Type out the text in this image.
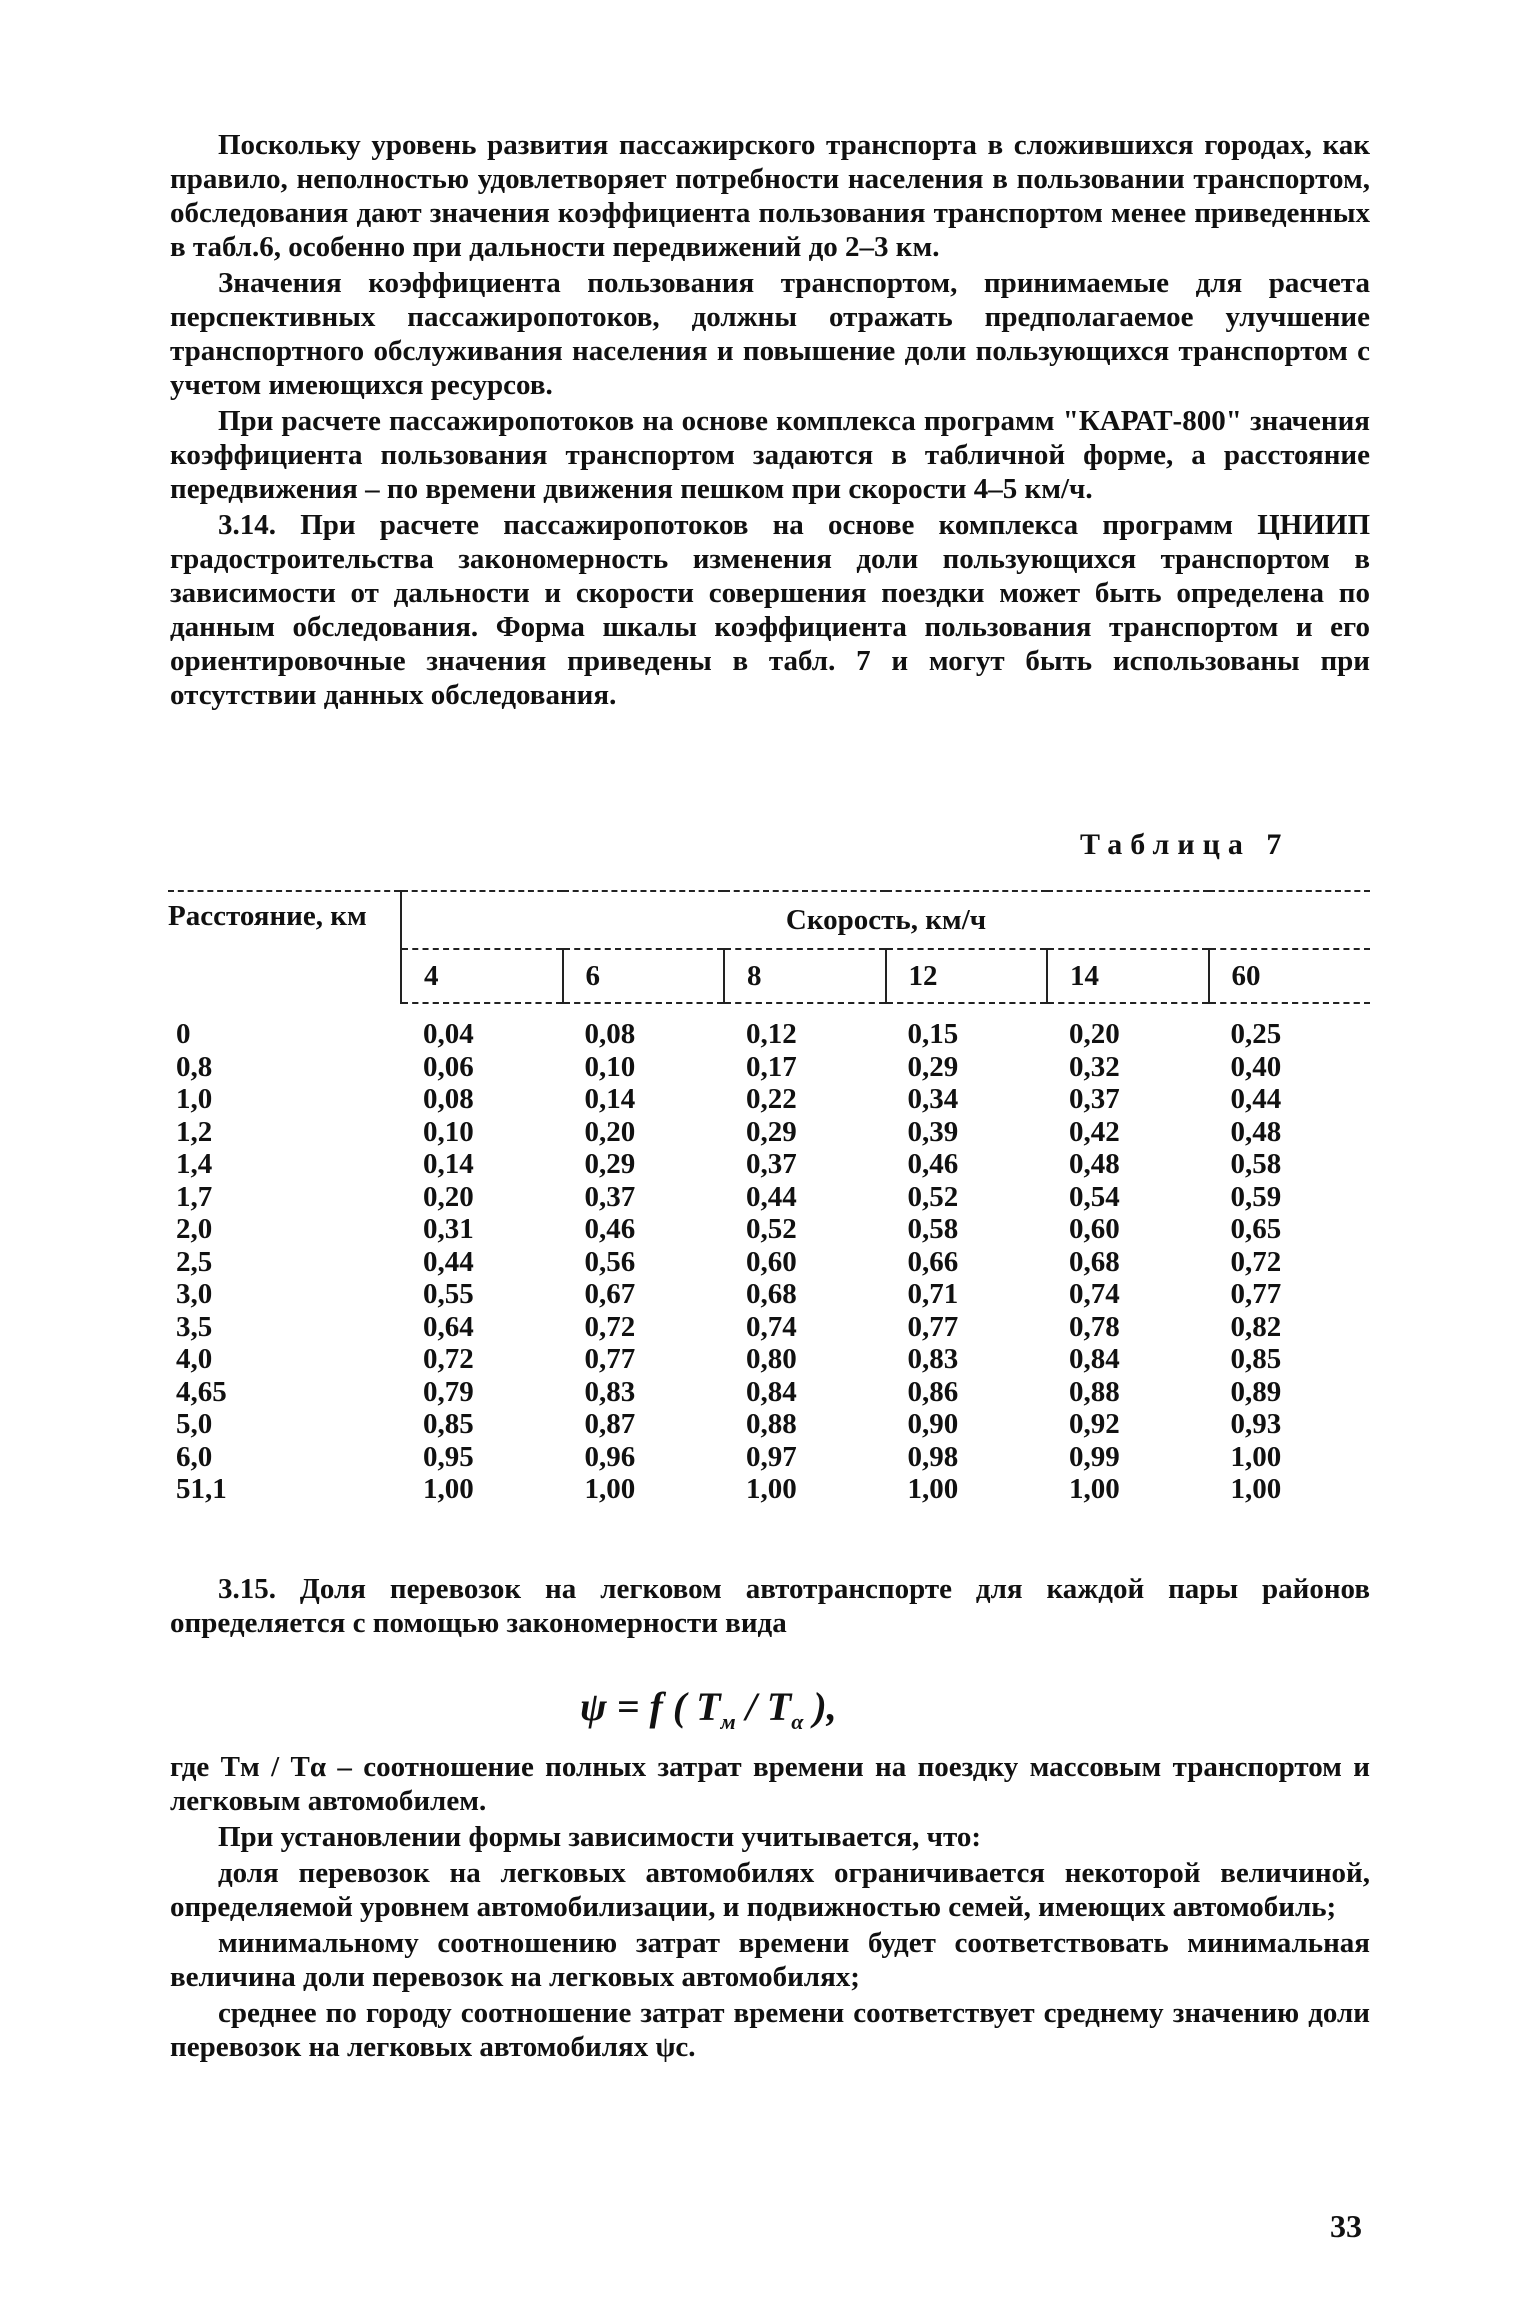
Поскольку уровень развития пассажирского транспорта в сложившихся городах, как правило, неполностью удовлетворяет потребности населения в пользовании транспортом, обследования дают значения коэффициента пользования транспортом менее приведенных в табл.6, особенно при дальности передвижений до 2–3 км.

Значения коэффициента пользования транспортом, принимаемые для расчета перспективных пассажиропотоков, должны отражать предполагаемое улучшение транспортного обслуживания населения и повышение доли пользующихся транспортом с учетом имеющихся ресурсов.

При расчете пассажиропотоков на основе комплекса программ "КАРАТ-800" значения коэффициента пользования транспортом задаются в табличной форме, а расстояние передвижения – по времени движения пешком при скорости 4–5 км/ч.

3.14. При расчете пассажиропотоков на основе комплекса программ ЦНИИП градостроительства закономерность изменения доли пользующихся транспортом в зависимости от дальности и скорости совершения поездки может быть определена по данным обследования. Форма шкалы коэффициента пользования транспортом и его ориентировочные значения приведены в табл. 7 и могут быть использованы при отсутствии данных обследования.

Таблица 7
Расстояние, км	Скорость, км/ч					
	4	6	8	12	14	60
0	0,04	0,08	0,12	0,15	0,20	0,25
0,8	0,06	0,10	0,17	0,29	0,32	0,40
1,0	0,08	0,14	0,22	0,34	0,37	0,44
1,2	0,10	0,20	0,29	0,39	0,42	0,48
1,4	0,14	0,29	0,37	0,46	0,48	0,58
1,7	0,20	0,37	0,44	0,52	0,54	0,59
2,0	0,31	0,46	0,52	0,58	0,60	0,65
2,5	0,44	0,56	0,60	0,66	0,68	0,72
3,0	0,55	0,67	0,68	0,71	0,74	0,77
3,5	0,64	0,72	0,74	0,77	0,78	0,82
4,0	0,72	0,77	0,80	0,83	0,84	0,85
4,65	0,79	0,83	0,84	0,86	0,88	0,89
5,0	0,85	0,87	0,88	0,90	0,92	0,93
6,0	0,95	0,96	0,97	0,98	0,99	1,00
51,1	1,00	1,00	1,00	1,00	1,00	1,00

3.15. Доля перевозок на легковом автотранспорте для каждой пары районов определяется с помощью закономерности вида

ψ = f ( $T_м / T_\alpha$ ),

где Tм / Tα – соотношение полных затрат времени на поездку массовым транспортом и легковым автомобилем.

При установлении формы зависимости учитывается, что:

доля перевозок на легковых автомобилях ограничивается некоторой величиной, определяемой уровнем автомобилизации, и подвижностью семей, имеющих автомобиль;

минимальному соотношению затрат времени будет соответствовать минимальная величина доли перевозок на легковых автомобилях;

среднее по городу соотношение затрат времени соответствует среднему значению доли перевозок на легковых автомобилях ψc.

33
